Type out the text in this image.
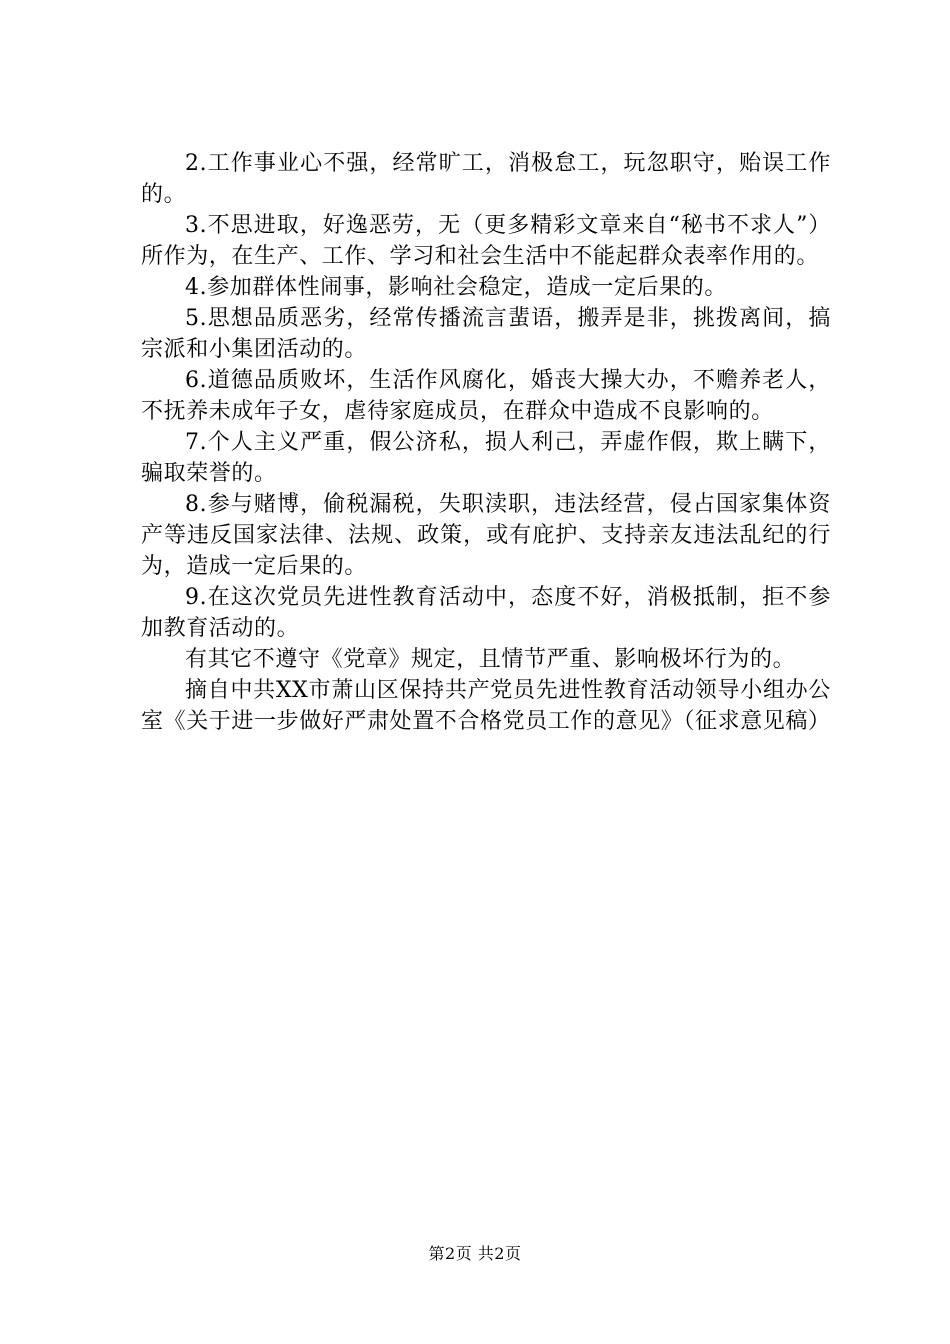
2.工作事业心不强，经常旷工，消极怠工，玩忽职守，贻误工作的。

3.不思进取，好逸恶劳，无（更多精彩文章来自“秘书不求人”）所作为，在生产、工作、学习和社会生活中不能起群众表率作用的。

4.参加群体性闹事，影响社会稳定，造成一定后果的。

5.思想品质恶劣，经常传播流言蜚语，搬弄是非，挑拨离间，搞宗派和小集团活动的。

6.道德品质败坏，生活作风腐化，婚丧大操大办，不赡养老人，不抚养未成年子女，虐待家庭成员，在群众中造成不良影响的。

7.个人主义严重，假公济私，损人利己，弄虚作假，欺上瞒下，骗取荣誉的。

8.参与赌博，偷税漏税，失职渎职，违法经营，侵占国家集体资产等违反国家法律、法规、政策，或有庇护、支持亲友违法乱纪的行为，造成一定后果的。

9.在这次党员先进性教育活动中，态度不好，消极抵制，拒不参加教育活动的。

有其它不遵守《党章》规定，且情节严重、影响极坏行为的。

摘自中共XX市萧山区保持共产党员先进性教育活动领导小组办公室《关于进一步做好严肃处置不合格党员工作的意见》（征求意见稿）

第2页 共2页
